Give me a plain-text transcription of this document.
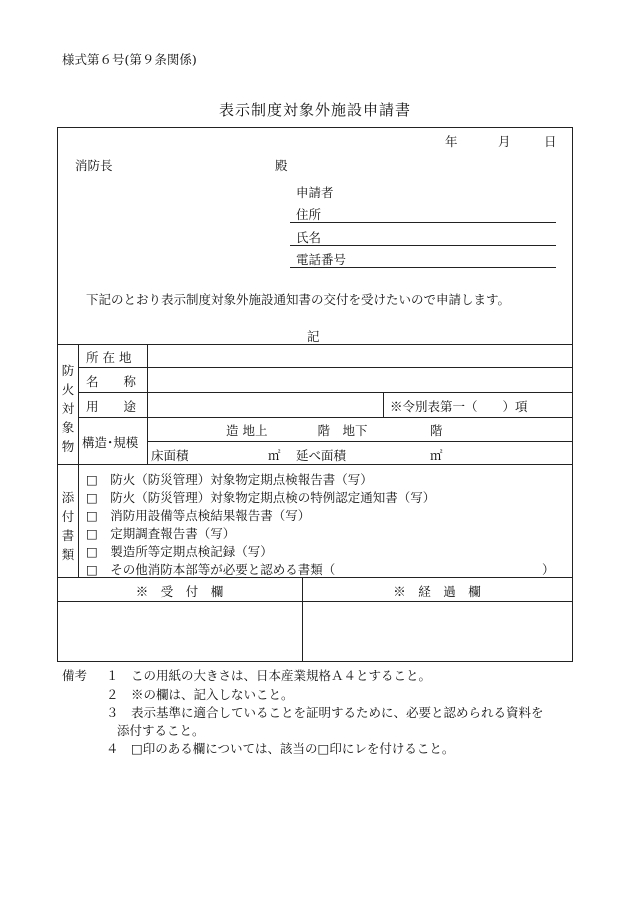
様式第６号(第９条関係)
表示制度対象外施設申請書
年	月	日
消防長	殿
申請者
住所
氏名
電話番号
下記のとおり表示制度対象外施設通知書の交付を受けたいので申請します。
記
防火対象物
所 在 地
名　　称
用　　途	※令別表第一（　　）項
構造･規模
造 地上　　　　階　地下　　　　　階
床面積	㎡ 延べ面積	㎡
添付書類
□　防火（防災管理）対象物定期点検報告書（写）
□　防火（防災管理）対象物定期点検の特例認定通知書（写）
□　消防用設備等点検結果報告書（写）
□　定期調査報告書（写）
□　製造所等定期点検記録（写）
□　その他消防本部等が必要と認める書類（	）
※　受　付　欄	※　経　過　欄
備考 １ この用紙の大きさは、日本産業規格Ａ４とすること。
２ ※の欄は、記入しないこと。
３ 表示基準に適合していることを証明するために、必要と認められる資料を
添付すること。
４ □印のある欄については、該当の□印にレを付けること。
